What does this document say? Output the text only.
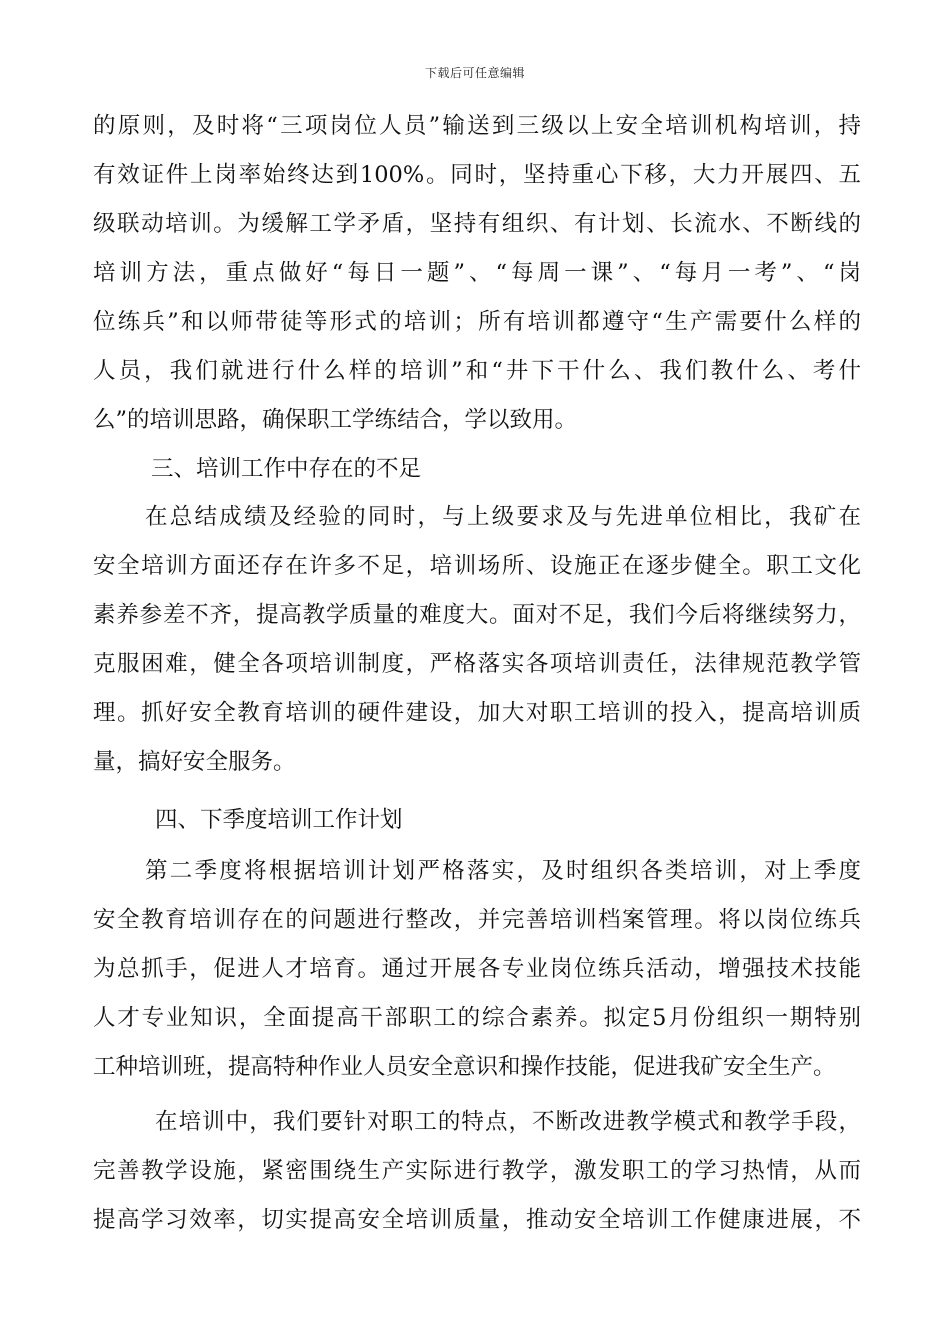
下载后可任意编辑
的原则，及时将“三项岗位人员”输送到三级以上安全培训机构培训，持
有效证件上岗率始终达到100%。同时，坚持重心下移，大力开展四、五
级联动培训。为缓解工学矛盾，坚持有组织、有计划、长流水、不断线的
培训方法，重点做好“每日一题”、“每周一课”、“每月一考”、“岗
位练兵”和以师带徒等形式的培训；所有培训都遵守“生产需要什么样的
人员，我们就进行什么样的培训”和“井下干什么、我们教什么、考什
么”的培训思路，确保职工学练结合，学以致用。
三、培训工作中存在的不足
在总结成绩及经验的同时，与上级要求及与先进单位相比，我矿在
安全培训方面还存在许多不足，培训场所、设施正在逐步健全。职工文化
素养参差不齐，提高教学质量的难度大。面对不足，我们今后将继续努力，
克服困难，健全各项培训制度，严格落实各项培训责任，法律规范教学管
理。抓好安全教育培训的硬件建设，加大对职工培训的投入，提高培训质
量，搞好安全服务。
四、下季度培训工作计划
第二季度将根据培训计划严格落实，及时组织各类培训，对上季度
安全教育培训存在的问题进行整改，并完善培训档案管理。将以岗位练兵
为总抓手，促进人才培育。通过开展各专业岗位练兵活动，增强技术技能
人才专业知识，全面提高干部职工的综合素养。拟定5月份组织一期特别
工种培训班，提高特种作业人员安全意识和操作技能，促进我矿安全生产。
在培训中，我们要针对职工的特点，不断改进教学模式和教学手段，
完善教学设施，紧密围绕生产实际进行教学，激发职工的学习热情，从而
提高学习效率，切实提高安全培训质量，推动安全培训工作健康进展，不
